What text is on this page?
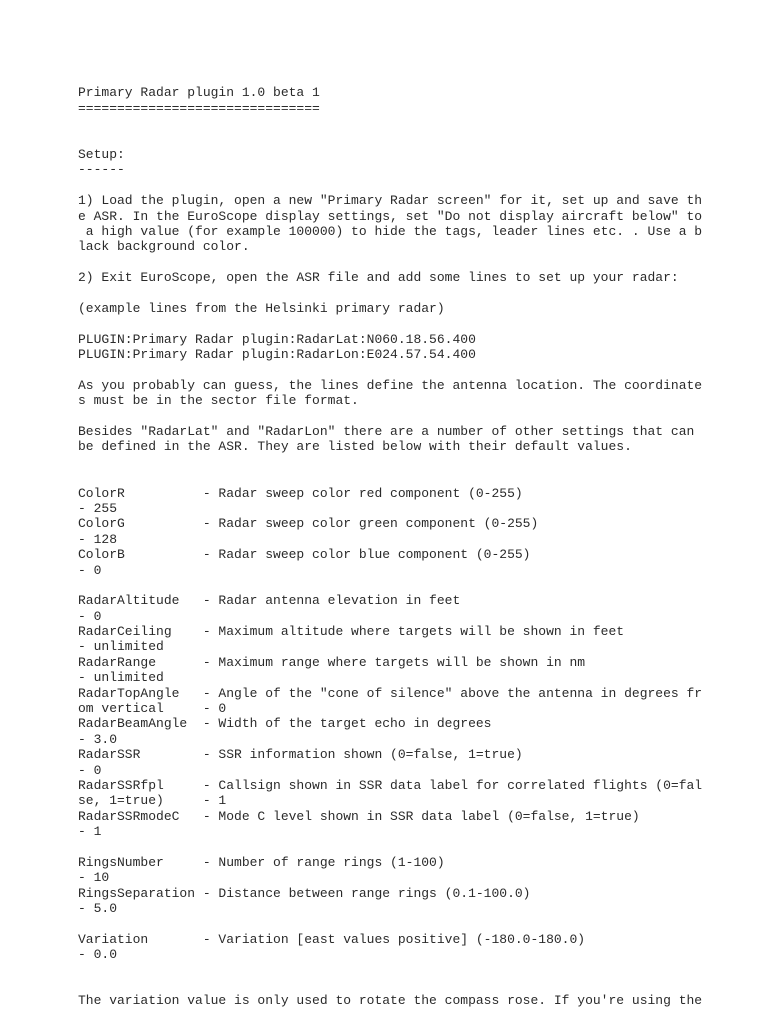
Primary Radar plugin 1.0 beta 1
===============================
Setup:
------
1) Load the plugin, open a new "Primary Radar screen" for it, set up and save th
e ASR. In the EuroScope display settings, set "Do not display aircraft below" to
a high value (for example 100000) to hide the tags, leader lines etc. . Use a b
lack background color.
2) Exit EuroScope, open the ASR file and add some lines to set up your radar:
(example lines from the Helsinki primary radar)
PLUGIN:Primary Radar plugin:RadarLat:N060.18.56.400
PLUGIN:Primary Radar plugin:RadarLon:E024.57.54.400
As you probably can guess, the lines define the antenna location. The coordinate
s must be in the sector file format.
Besides "RadarLat" and "RadarLon" there are a number of other settings that can
be defined in the ASR. They are listed below with their default values.
ColorR          - Radar sweep color red component (0-255)
- 255
ColorG          - Radar sweep color green component (0-255)
- 128
ColorB          - Radar sweep color blue component (0-255)
- 0
RadarAltitude   - Radar antenna elevation in feet
- 0
RadarCeiling    - Maximum altitude where targets will be shown in feet
- unlimited
RadarRange      - Maximum range where targets will be shown in nm
- unlimited
RadarTopAngle   - Angle of the "cone of silence" above the antenna in degrees fr
om vertical     - 0
RadarBeamAngle  - Width of the target echo in degrees
- 3.0
RadarSSR        - SSR information shown (0=false, 1=true)
- 0
RadarSSRfpl     - Callsign shown in SSR data label for correlated flights (0=fal
se, 1=true)     - 1
RadarSSRmodeC   - Mode C level shown in SSR data label (0=false, 1=true)
- 1
RingsNumber     - Number of range rings (1-100)
- 10
RingsSeparation - Distance between range rings (0.1-100.0)
- 5.0
Variation       - Variation [east values positive] (-180.0-180.0)
- 0.0
The variation value is only used to rotate the compass rose. If you're using the
